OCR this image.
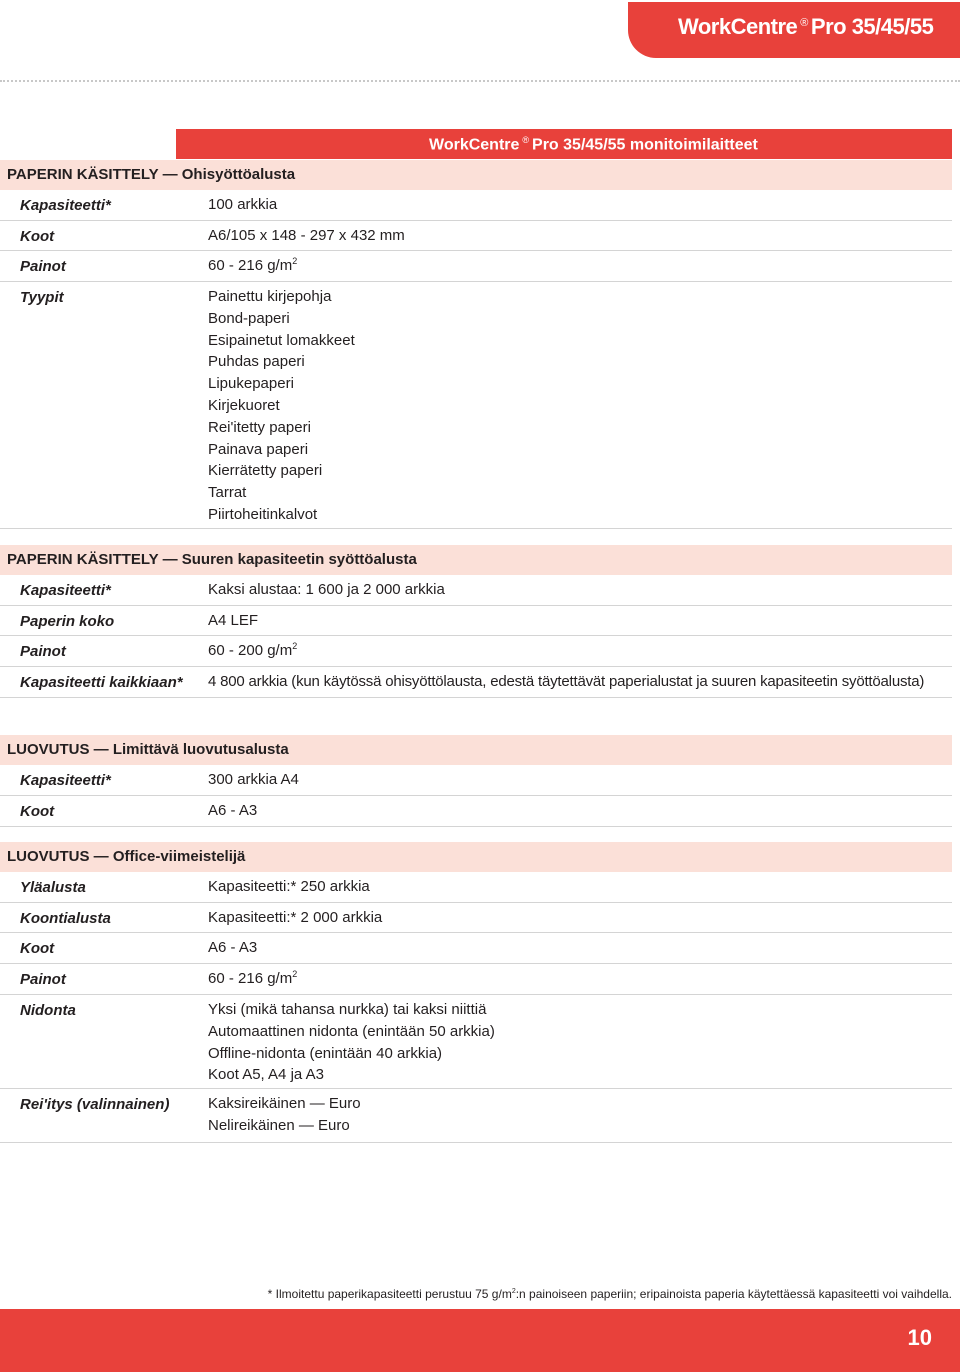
WorkCentre ® Pro 35/45/55
WorkCentre ® Pro 35/45/55 monitoimilaitteet
PAPERIN KÄSITTELY — Ohisyöttöalusta
Kapasiteetti*	100 arkkia
Koot	A6/105 x 148 - 297 x 432 mm
Painot	60 - 216 $g/m^2$
Tyypit	Painettu kirjepohja
Bond-paperi
Esipainetut lomakkeet
Puhdas paperi
Lipukepaperi
Kirjekuoret
Rei'itetty paperi
Painava paperi
Kierrätetty paperi
Tarrat
Piirtoheitinkalvot
PAPERIN KÄSITTELY — Suuren kapasiteetin syöttöalusta
Kapasiteetti*	Kaksi alustaa: 1 600 ja 2 000 arkkia
Paperin koko	A4 LEF
Painot	60 - 200 $g/m^2$
Kapasiteetti kaikkiaan* 4 800 arkkia (kun käytössä ohisyöttölausta, edestä täytettävät paperialustat ja suuren kapasiteetin syöttöalusta)
LUOVUTUS — Limittävä luovutusalusta
Kapasiteetti*	300 arkkia A4
Koot	A6 - A3
LUOVUTUS — Office-viimeistelijä
Yläalusta	Kapasiteetti:* 250 arkkia
Koontialusta	Kapasiteetti:* 2 000 arkkia
Koot	A6 - A3
Painot	60 - 216 $g/m^2$
Nidonta	Yksi (mikä tahansa nurkka) tai kaksi niittiä
Automaattinen nidonta (enintään 50 arkkia)
Offline-nidonta (enintään 40 arkkia)
Koot A5, A4 ja A3
Rei'itys (valinnainen)	Kaksireikäinen — Euro
Nelireikäinen — Euro
* Ilmoitettu paperikapasiteetti perustuu 75 $g/m^2:n$ painoiseen paperiin; eripainoista paperia käytettäessä kapasiteetti voi vaihdella.
10
